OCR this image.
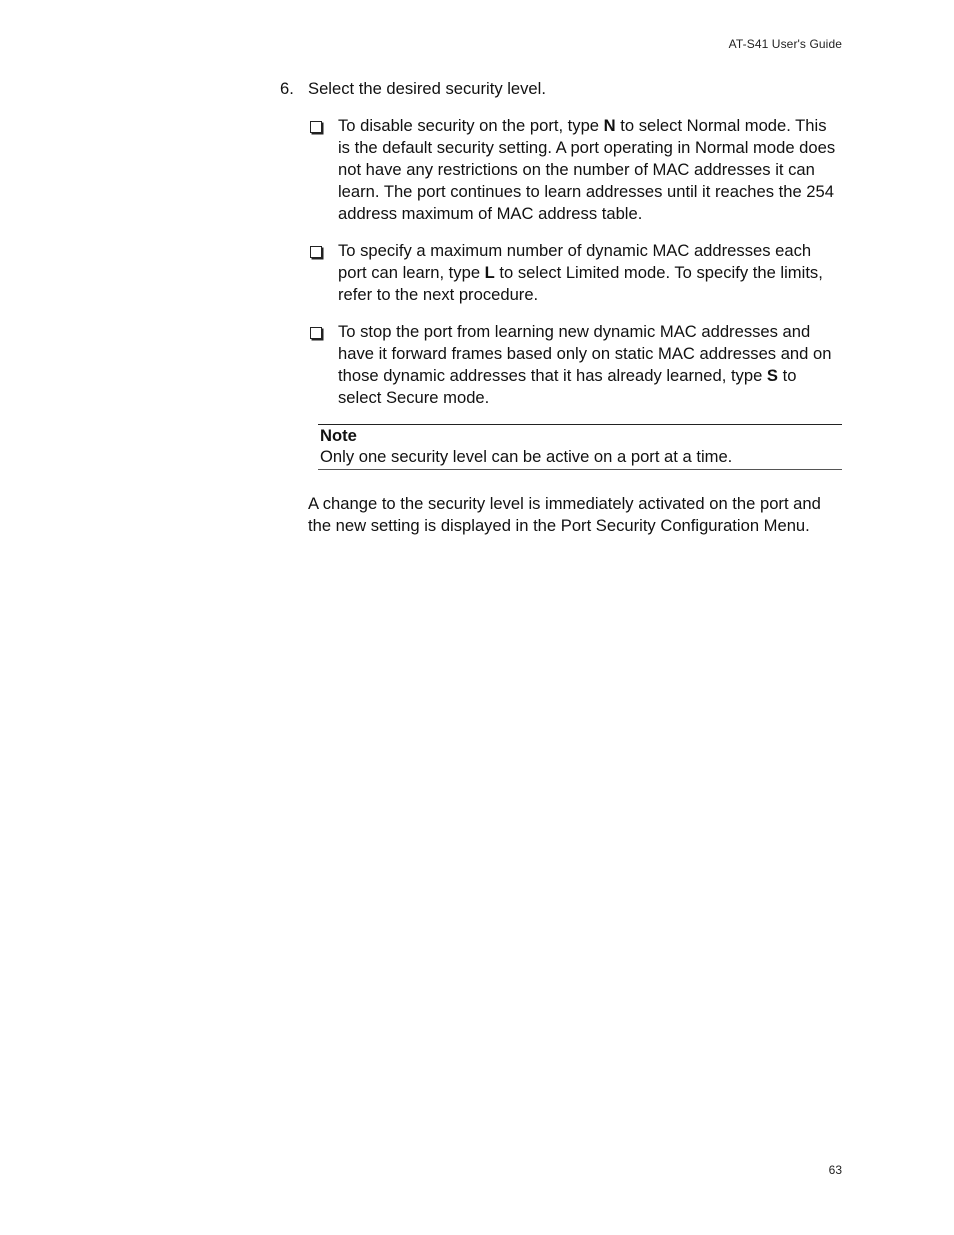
AT-S41 User's Guide
6. Select the desired security level.
To disable security on the port, type N to select Normal mode. This is the default security setting. A port operating in Normal mode does not have any restrictions on the number of MAC addresses it can learn. The port continues to learn addresses until it reaches the 254 address maximum of MAC address table.
To specify a maximum number of dynamic MAC addresses each port can learn, type L to select Limited mode. To specify the limits, refer to the next procedure.
To stop the port from learning new dynamic MAC addresses and have it forward frames based only on static MAC addresses and on those dynamic addresses that it has already learned, type S to select Secure mode.
Note
Only one security level can be active on a port at a time.

A change to the security level is immediately activated on the port and the new setting is displayed in the Port Security Configuration Menu.

63
